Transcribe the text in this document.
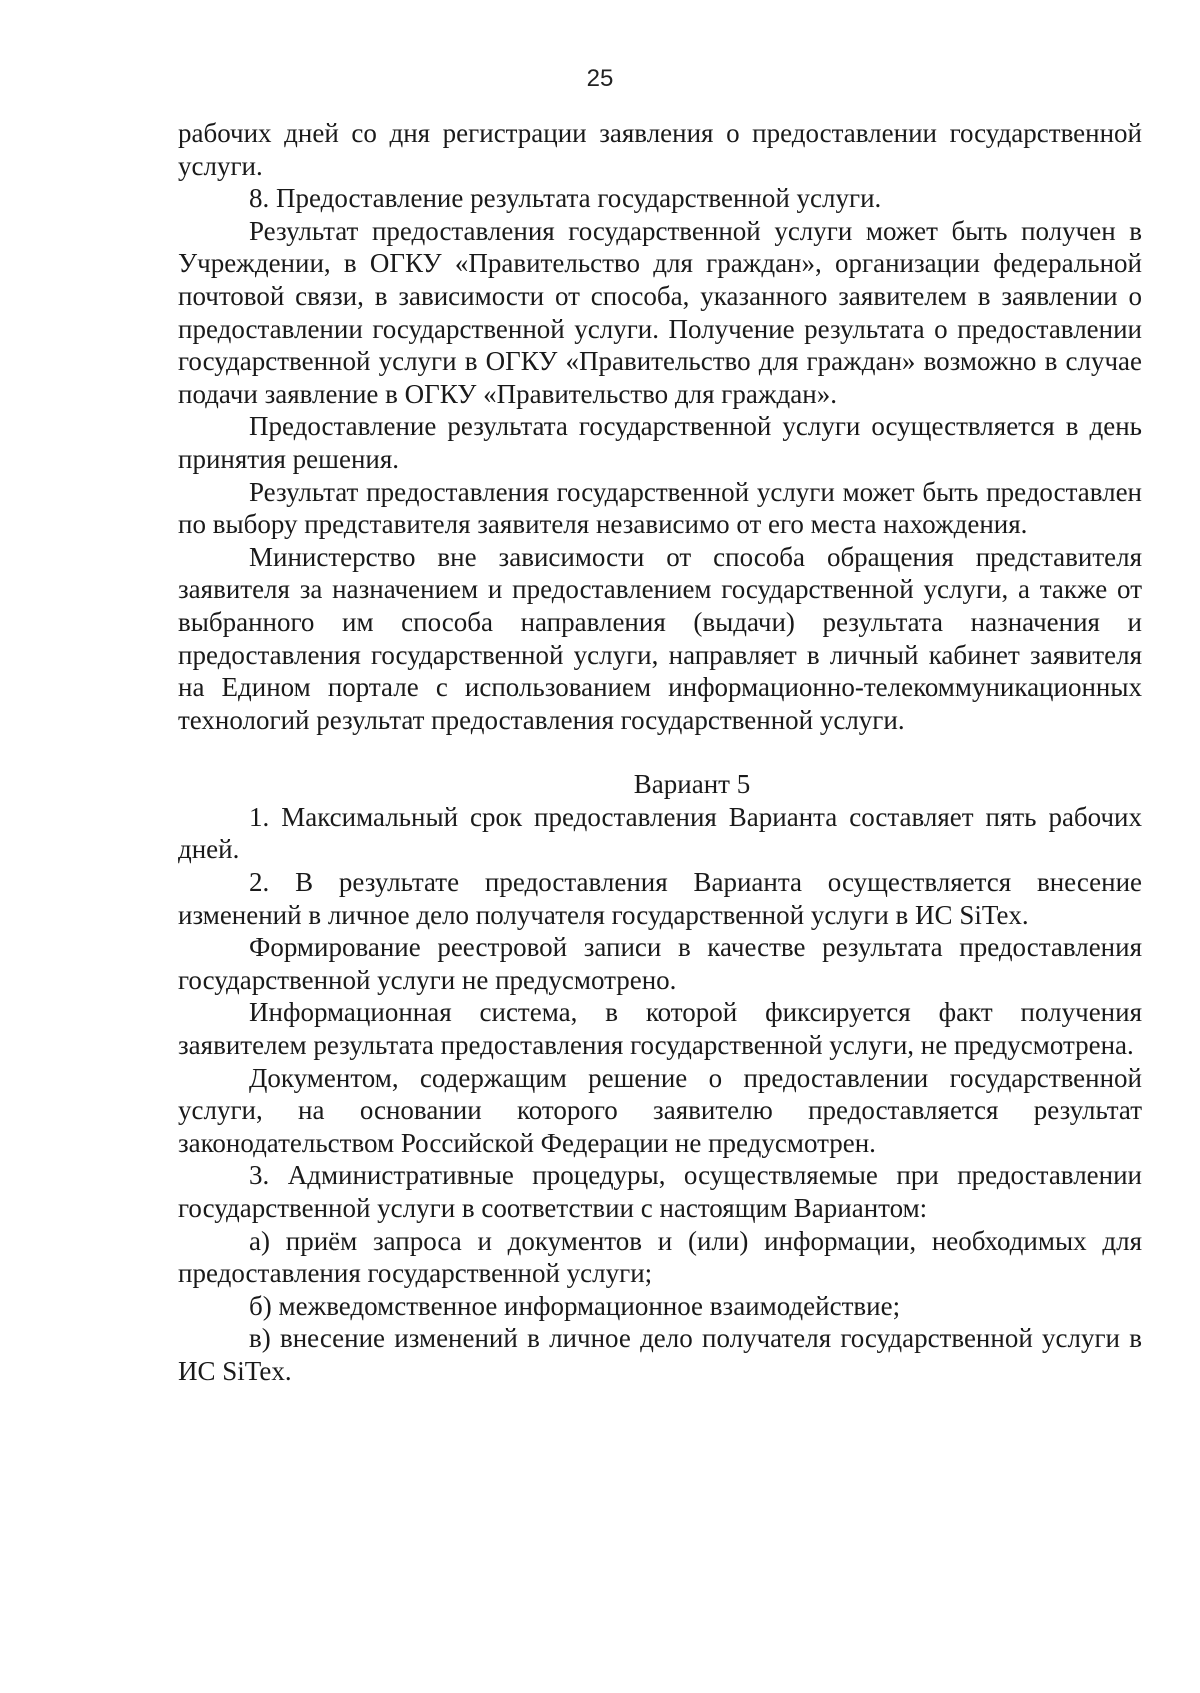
25

рабочих дней со дня регистрации заявления о предоставлении государственной услуги.

8. Предоставление результата государственной услуги.

Результат предоставления государственной услуги может быть получен в Учреждении, в ОГКУ «Правительство для граждан», организации федеральной почтовой связи, в зависимости от способа, указанного заявителем в заявлении о предоставлении государственной услуги. Получение результата о предоставлении государственной услуги в ОГКУ «Правительство для граждан» возможно в случае подачи заявление в ОГКУ «Правительство для граждан».

Предоставление результата государственной услуги осуществляется в день принятия решения.

Результат предоставления государственной услуги может быть предоставлен по выбору представителя заявителя независимо от его места нахождения.

Министерство вне зависимости от способа обращения представителя заявителя за назначением и предоставлением государственной услуги, а также от выбранного им способа направления (выдачи) результата назначения и предоставления государственной услуги, направляет в личный кабинет заявителя на Едином портале с использованием информационно-телекоммуникационных технологий результат предоставления государственной услуги.

Вариант 5

1. Максимальный срок предоставления Варианта составляет пять рабочих дней.

2. В результате предоставления Варианта осуществляется внесение изменений в личное дело получателя государственной услуги в ИС SiTex.

Формирование реестровой записи в качестве результата предоставления государственной услуги не предусмотрено.

Информационная система, в которой фиксируется факт получения заявителем результата предоставления государственной услуги, не предусмотрена.

Документом, содержащим решение о предоставлении государственной услуги, на основании которого заявителю предоставляется результат законодательством Российской Федерации не предусмотрен.

3. Административные процедуры, осуществляемые при предоставлении государственной услуги в соответствии с настоящим Вариантом:

а) приём запроса и документов и (или) информации, необходимых для предоставления государственной услуги;

б) межведомственное информационное взаимодействие;

в) внесение изменений в личное дело получателя государственной услуги в ИС SiTex.
